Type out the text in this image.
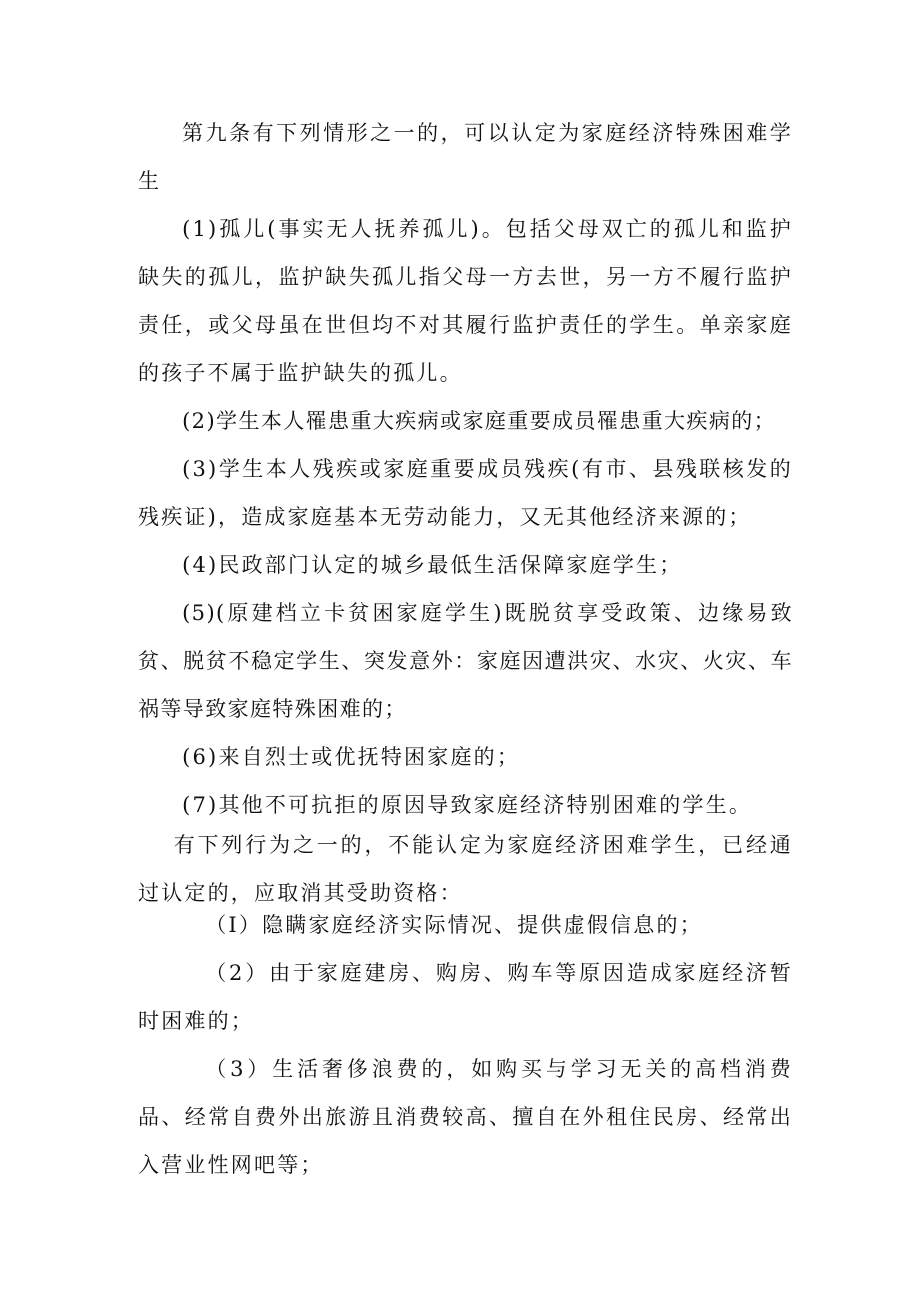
第九条有下列情形之一的，可以认定为家庭经济特殊困难学生

(1)孤儿(事实无人抚养孤儿)。包括父母双亡的孤儿和监护缺失的孤儿，监护缺失孤儿指父母一方去世，另一方不履行监护责任，或父母虽在世但均不对其履行监护责任的学生。单亲家庭的孩子不属于监护缺失的孤儿。

(2)学生本人罹患重大疾病或家庭重要成员罹患重大疾病的；

(3)学生本人残疾或家庭重要成员残疾(有市、县残联核发的残疾证)，造成家庭基本无劳动能力，又无其他经济来源的；

(4)民政部门认定的城乡最低生活保障家庭学生；

(5)(原建档立卡贫困家庭学生)既脱贫享受政策、边缘易致贫、脱贫不稳定学生、突发意外：家庭因遭洪灾、水灾、火灾、车祸等导致家庭特殊困难的；

(6)来自烈士或优抚特困家庭的；

(7)其他不可抗拒的原因导致家庭经济特别困难的学生。

有下列行为之一的，不能认定为家庭经济困难学生，已经通过认定的，应取消其受助资格：

（I）隐瞒家庭经济实际情况、提供虚假信息的；

（2）由于家庭建房、购房、购车等原因造成家庭经济暂时困难的；

（3）生活奢侈浪费的，如购买与学习无关的高档消费品、经常自费外出旅游且消费较高、擅自在外租住民房、经常出入营业性网吧等；
